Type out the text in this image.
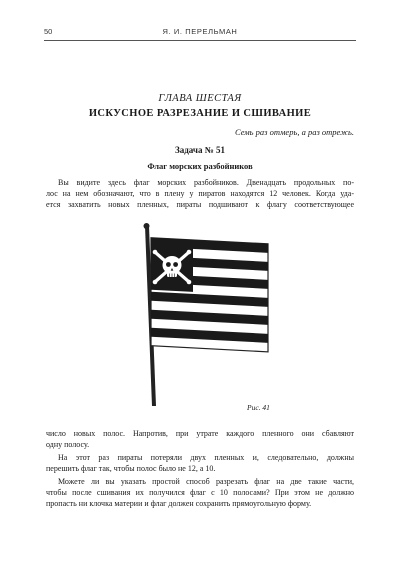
50	Я. И. ПЕРЕЛЬМАН
ГЛАВА ШЕСТАЯ
ИСКУСНОЕ РАЗРЕЗАНИЕ И СШИВАНИЕ
Семь раз отмерь, а раз отрежь.
Задача № 51
Флаг морских разбойников
Вы видите здесь флаг морских разбойников. Двенадцать продольных по-
лос на нем обозначают, что в плену у пиратов находятся 12 человек. Когда уда-
ется захватить новых пленных, пираты подшивают к флагу соответствующее
Рис. 41
число новых полос. Напротив, при утрате каждого пленного они сбавляют
одну полосу.
На этот раз пираты потеряли двух пленных и, следовательно, должны
перешить флаг так, чтобы полос было не 12, а 10.
Можете ли вы указать простой способ разрезать флаг на две такие части,
чтобы после сшивания их получился флаг с 10 полосами? При этом не должно
пропасть ни клочка материи и флаг должен сохранить прямоугольную форму.
